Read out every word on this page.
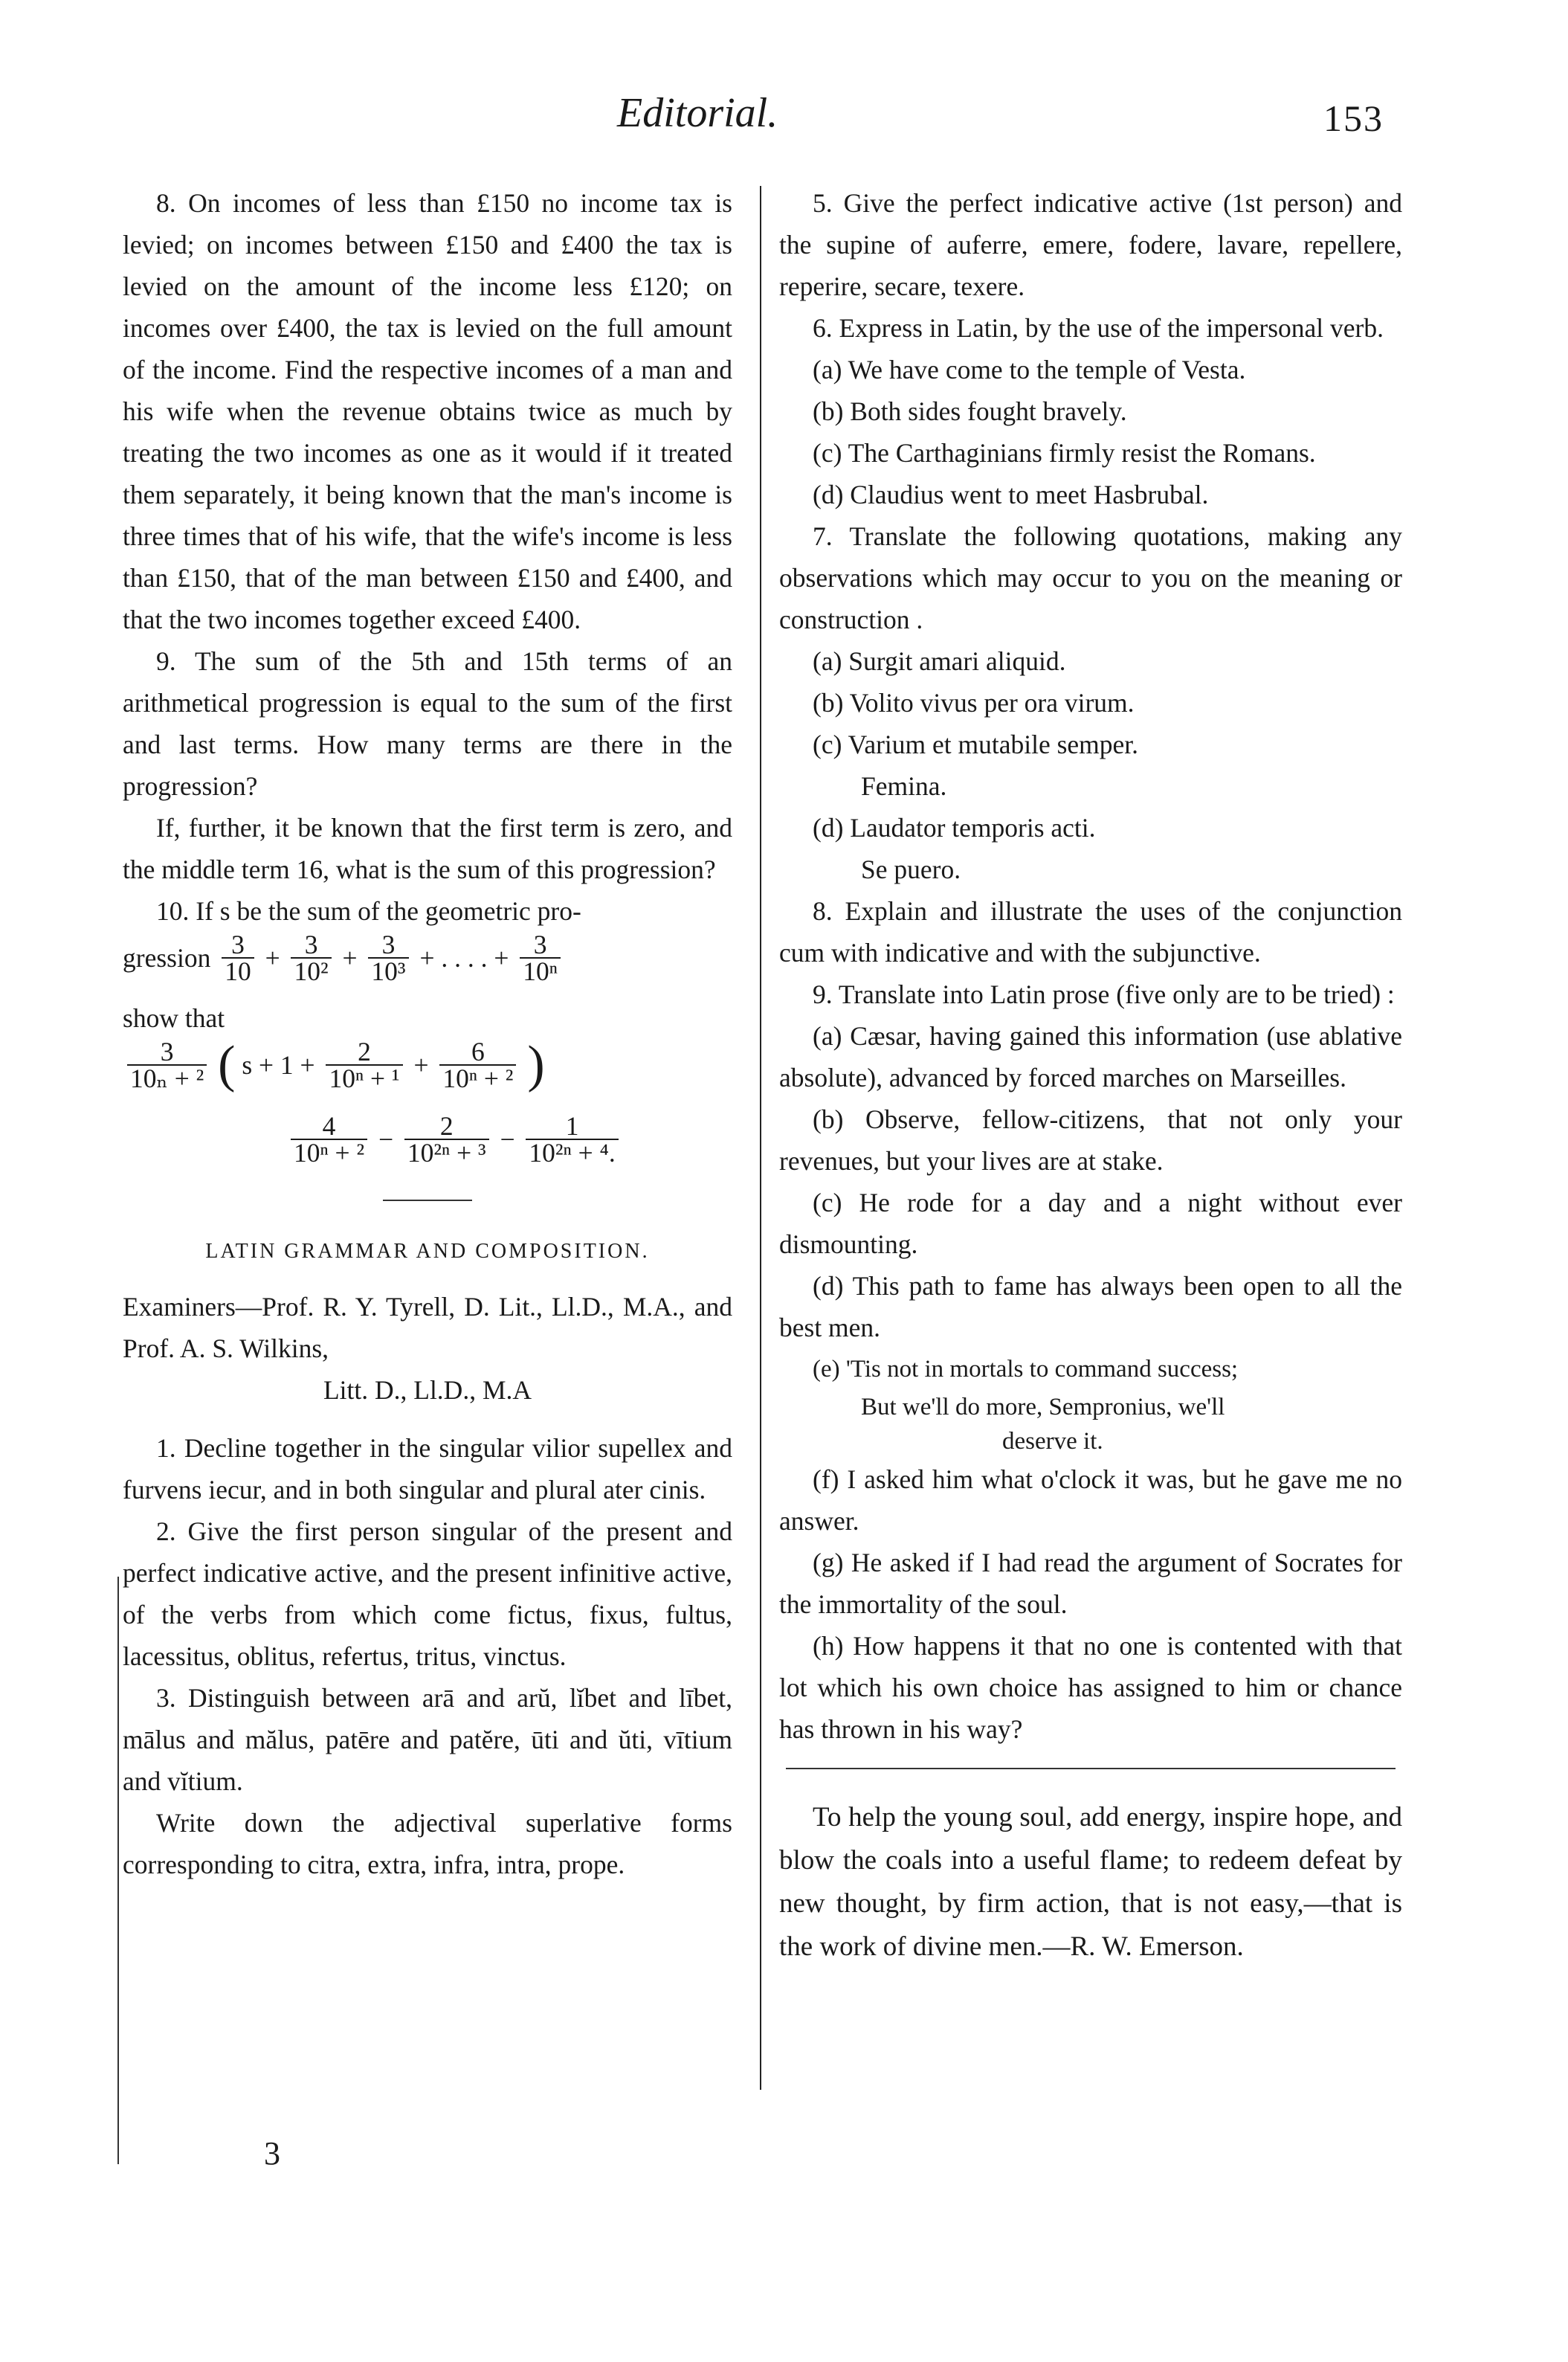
Editorial.	153

8. On incomes of less than £150 no income tax is levied; on incomes between £150 and £400 the tax is levied on the amount of the income less £120; on incomes over £400, the tax is levied on the full amount of the income. Find the respective incomes of a man and his wife when the revenue obtains twice as much by treating the two incomes as one as it would if it treated them separately, it being known that the man's income is three times that of his wife, that the wife's income is less than £150, that of the man between £150 and £400, and that the two incomes together exceed £400.

9. The sum of the 5th and 15th terms of an arithmetical progression is equal to the sum of the first and last terms. How many terms are there in the progression?

If, further, it be known that the first term is zero, and the middle term 16, what is the sum of this progression?

10. If s be the sum of the geometric pro-

gression $\frac{3}{10} + \frac{3}{\text{10²}} + \frac{3}{\text{10³}}$ + . . . . + $\frac{3}{\text{10ⁿ}}$

show that

$\frac{3}{\text{10ₙ + ²}}$ ( $s + 1 + \frac{2}{\text{10ⁿ + ¹}} + \frac{6}{\text{10ⁿ + ²}}$ )
$\frac{4}{\text{10ⁿ + ²}} - \frac{2}{\text{10²ⁿ + ³}} - \frac{1}{\text{10²ⁿ + ⁴.}}$

LATIN GRAMMAR AND COMPOSITION.

Examiners—Prof. R. Y. Tyrell, D. Lit., Ll.D., M.A., and Prof. A. S. Wilkins,

Litt. D., Ll.D., M.A

1. Decline together in the singular vilior supellex and furvens iecur, and in both singular and plural ater cinis.

2. Give the first person singular of the present and perfect indicative active, and the present infinitive active, of the verbs from which come fictus, fixus, fultus, lacessitus, oblitus, refertus, tritus, vinctus.

3. Distinguish between arā and arŭ, lĭbet and lībet, mālus and mălus, patēre and patĕre, ūti and ŭti, vītium and vĭtium.

Write down the adjectival superlative forms corresponding to citra, extra, infra, intra, prope.

3

5. Give the perfect indicative active (1st person) and the supine of auferre, emere, fodere, lavare, repellere, reperire, secare, texere.

6. Express in Latin, by the use of the impersonal verb.

(a) We have come to the temple of Vesta.

(b) Both sides fought bravely.

(c) The Carthaginians firmly resist the Romans.

(d) Claudius went to meet Hasbrubal.

7. Translate the following quotations, making any observations which may occur to you on the meaning or construction .

(a) Surgit amari aliquid.

(b) Volito vivus per ora virum.

(c) Varium et mutabile semper.

Femina.

(d) Laudator temporis acti.

Se puero.

8. Explain and illustrate the uses of the conjunction cum with indicative and with the subjunctive.

9. Translate into Latin prose (five only are to be tried) :

(a) Cæsar, having gained this information (use ablative absolute), advanced by forced marches on Marseilles.

(b) Observe, fellow-citizens, that not only your revenues, but your lives are at stake.

(c) He rode for a day and a night without ever dismounting.

(d) This path to fame has always been open to all the best men.

(e) 'Tis not in mortals to command success;

But we'll do more, Sempronius, we'll

deserve it.

(f) I asked him what o'clock it was, but he gave me no answer.

(g) He asked if I had read the argument of Socrates for the immortality of the soul.

(h) How happens it that no one is contented with that lot which his own choice has assigned to him or chance has thrown in his way?

To help the young soul, add energy, inspire hope, and blow the coals into a useful flame; to redeem defeat by new thought, by firm action, that is not easy,—that is the work of divine men.—R. W. Emerson.
